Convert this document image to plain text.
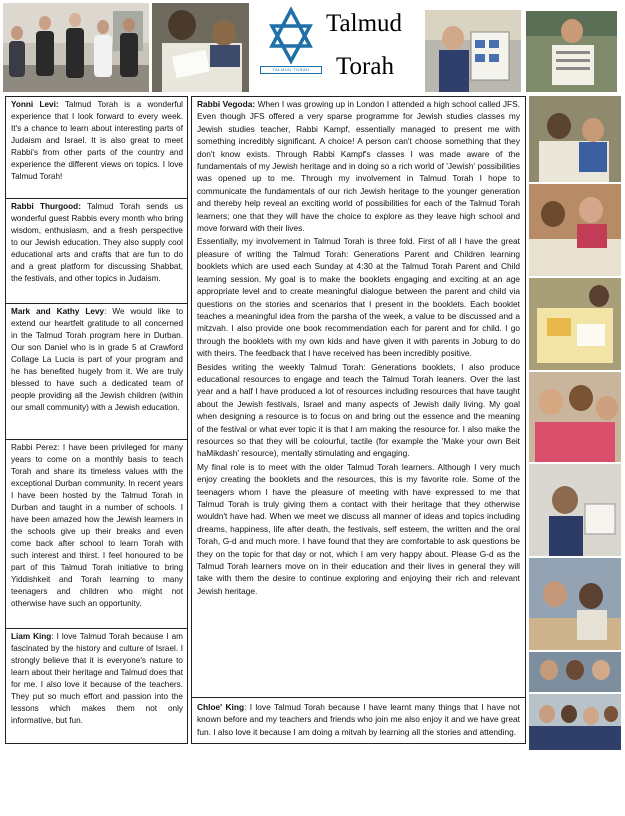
TALMUD TORAH
Talmud
Torah
Yonni Levi: Talmud Torah is a wonderful experience that I look forward to every week. It's a chance to learn about interesting parts of Judaism and Israel. It is also great to meet Rabbi's from other parts of the country and experience the different views on topics. I love Talmud Torah!
Rabbi Thurgood: Talmud Torah sends us wonderful guest Rabbis every month who bring wisdom, enthusiasm, and a fresh perspective to our Jewish education. They also supply cool educational arts and crafts that are fun to do and a great platform for discussing Shabbat, the festivals, and other topics in Judaism.
Mark and Kathy Levy: We would like to extend our heartfelt gratitude to all concerned in the Talmud Torah program here in Durban. Our son Daniel who is in grade 5 at Crawford Collage La Lucia is part of your program and he has benefited hugely from it. We are truly blessed to have such a dedicated team of people providing all the Jewish children (within our small community) with a Jewish education.
Rabbi Perez: I have been privileged for many years to come on a monthly basis to teach Torah and share its timeless values with the exceptional Durban community. In recent years I have been hosted by the Talmud Torah in Durban and taught in a number of schools. I have been amazed how the Jewish learners in the schools give up their breaks and even come back after school to learn Torah with such interest and thirst. I feel honoured to be part of this Talmud Torah initiative to bring Yiddishkeit and Torah learning to many teenagers and children who might not otherwise have such an opportunity.
Liam King: I love Talmud Torah because I am fascinated by the history and culture of Israel. I strongly believe that it is everyone's nature to learn about their heritage and Talmud does that for me. I also love it because of the teachers. They put so much effort and passion into the lessons which makes them not only informative, but fun.

Rabbi Vegoda: When I was growing up in London I attended a high school called JFS. Even though JFS offered a very sparse programme for Jewish studies classes my Jewish studies teacher, Rabbi Kampf, essentially managed to present me with something incredibly significant. A choice! A person can't choose something that they don't know exists. Through Rabbi Kampf's classes I was made aware of the fundamentals of my Jewish heritage and in doing so a rich world of 'Jewish' possibilities was opened up to me. Through my involvement in Talmud Torah I hope to communicate the fundamentals of our rich Jewish heritage to the younger generation and thereby help reveal an exciting world of possibilities for each of the Talmud Torah learners; one that they will have the choice to explore as they leave high school and move forward with their lives.

Essentially, my involvement in Talmud Torah is three fold. First of all I have the great pleasure of writing the Talmud Torah: Generations Parent and Children learning booklets which are used each Sunday at 4:30 at the Talmud Torah Parent and Child learning session. My goal is to make the booklets engaging and exciting at an age appropriate level and to create meaningful dialogue between the parent and child via questions on the stories and scenarios that I present in the booklets. Each booklet teaches a meaningful idea from the parsha of the week, a value to be discussed and a mitzvah. I also provide one book recommendation each for parent and for child. I go through the booklets with my own kids and have given it with parents in Joburg to do with theirs. The feedback that I have received has been incredibly positive.

Besides writing the weekly Talmud Torah: Generations booklets, I also produce educational resources to engage and teach the Talmud Torah leaners. Over the last year and a half I have produced a lot of resources including resources that have taught about the Jewish festivals, Israel and many aspects of Jewish daily living. My goal when designing a resource is to focus on and bring out the essence and the meaning of the festival or what ever topic it is that I am making the resource for. I also make the resources so that they will be colourful, tactile (for example the 'Make your own Beit haMikdash' resource), mentally stimulating and engaging.

My final role is to meet with the older Talmud Torah learners. Although I very much enjoy creating the booklets and the resources, this is my favorite role. Some of the teenagers whom I have the pleasure of meeting with have expressed to me that Talmud Torah is truly giving them a contact with their heritage that they otherwise wouldn't have had. When we meet we discuss all manner of ideas and topics including dreams, happiness, life after death, the festivals, self esteem, the written and the oral Torah, G-d and much more. I have found that they are comfortable to ask questions be they on the topic for that day or not, which I am very happy about. Please G-d as the Talmud Torah learners move on in their education and their lives in general they will take with them the desire to continue exploring and enjoying their rich and relevant Jewish heritage.

Chloe' King: I love Talmud Torah because I have learnt many things that I have not known before and my teachers and friends who join me also enjoy it and we have great fun. I also love it because I am doing a mitvah by learning all the stories and attending.
